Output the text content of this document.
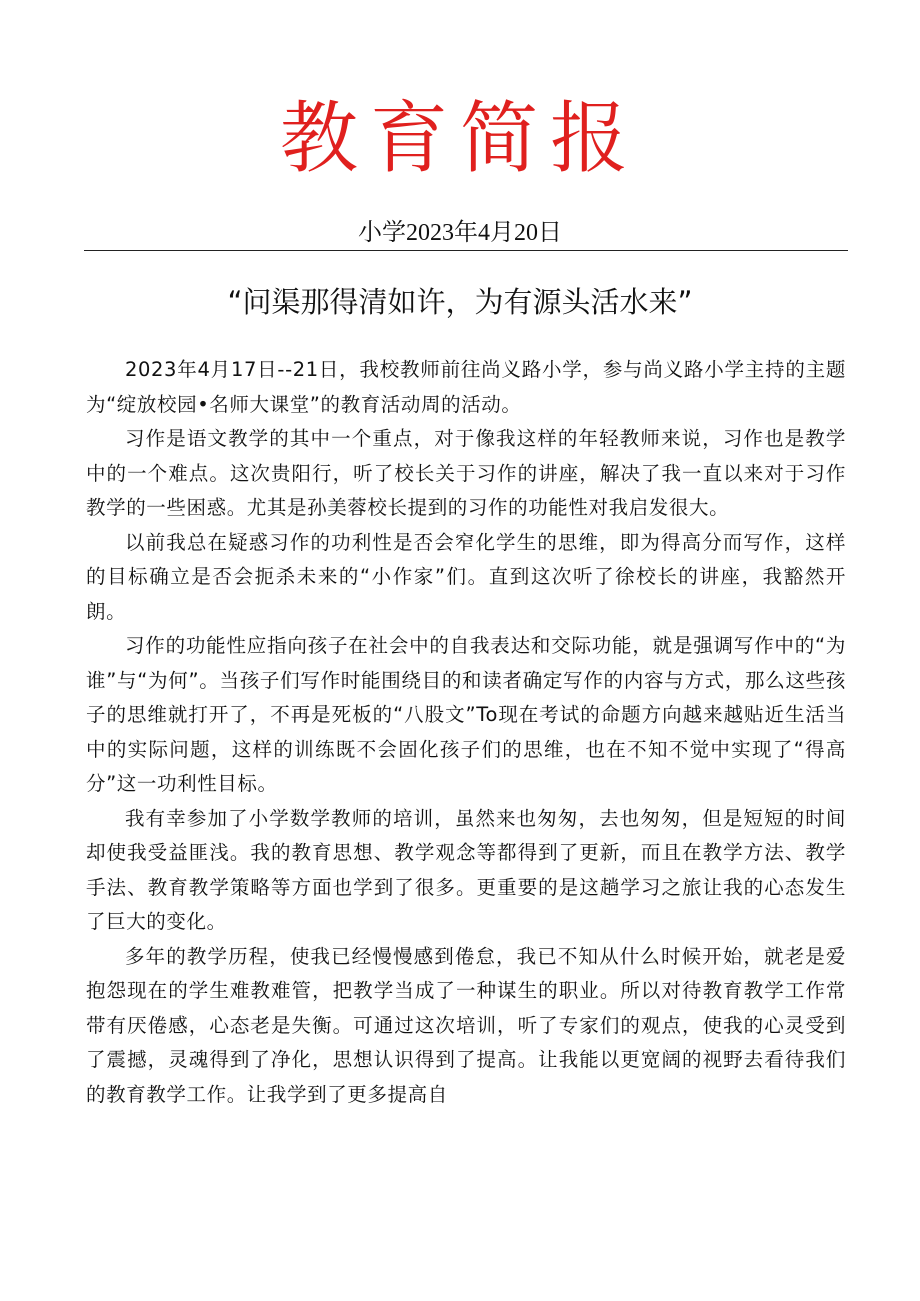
教育简报
小学2023年4月20日
“问渠那得清如许，为有源头活水来”

2023年4月17日--21日，我校教师前往尚义路小学，参与尚义路小学主持的主题为“绽放校园•名师大课堂”的教育活动周的活动。

习作是语文教学的其中一个重点，对于像我这样的年轻教师来说，习作也是教学中的一个难点。这次贵阳行，听了校长关于习作的讲座，解决了我一直以来对于习作教学的一些困惑。尤其是孙美蓉校长提到的习作的功能性对我启发很大。

以前我总在疑惑习作的功利性是否会窄化学生的思维，即为得高分而写作，这样的目标确立是否会扼杀未来的“小作家”们。直到这次听了徐校长的讲座，我豁然开朗。

习作的功能性应指向孩子在社会中的自我表达和交际功能，就是强调写作中的“为谁”与“为何”。当孩子们写作时能围绕目的和读者确定写作的内容与方式，那么这些孩子的思维就打开了，不再是死板的“八股文”To现在考试的命题方向越来越贴近生活当中的实际问题，这样的训练既不会固化孩子们的思维，也在不知不觉中实现了“得高分”这一功利性目标。

我有幸参加了小学数学教师的培训，虽然来也匆匆，去也匆匆，但是短短的时间却使我受益匪浅。我的教育思想、教学观念等都得到了更新，而且在教学方法、教学手法、教育教学策略等方面也学到了很多。更重要的是这趟学习之旅让我的心态发生了巨大的变化。

多年的教学历程，使我已经慢慢感到倦怠，我已不知从什么时候开始，就老是爱抱怨现在的学生难教难管，把教学当成了一种谋生的职业。所以对待教育教学工作常带有厌倦感，心态老是失衡。可通过这次培训，听了专家们的观点，使我的心灵受到了震撼，灵魂得到了净化，思想认识得到了提高。让我能以更宽阔的视野去看待我们的教育教学工作。让我学到了更多提高自
